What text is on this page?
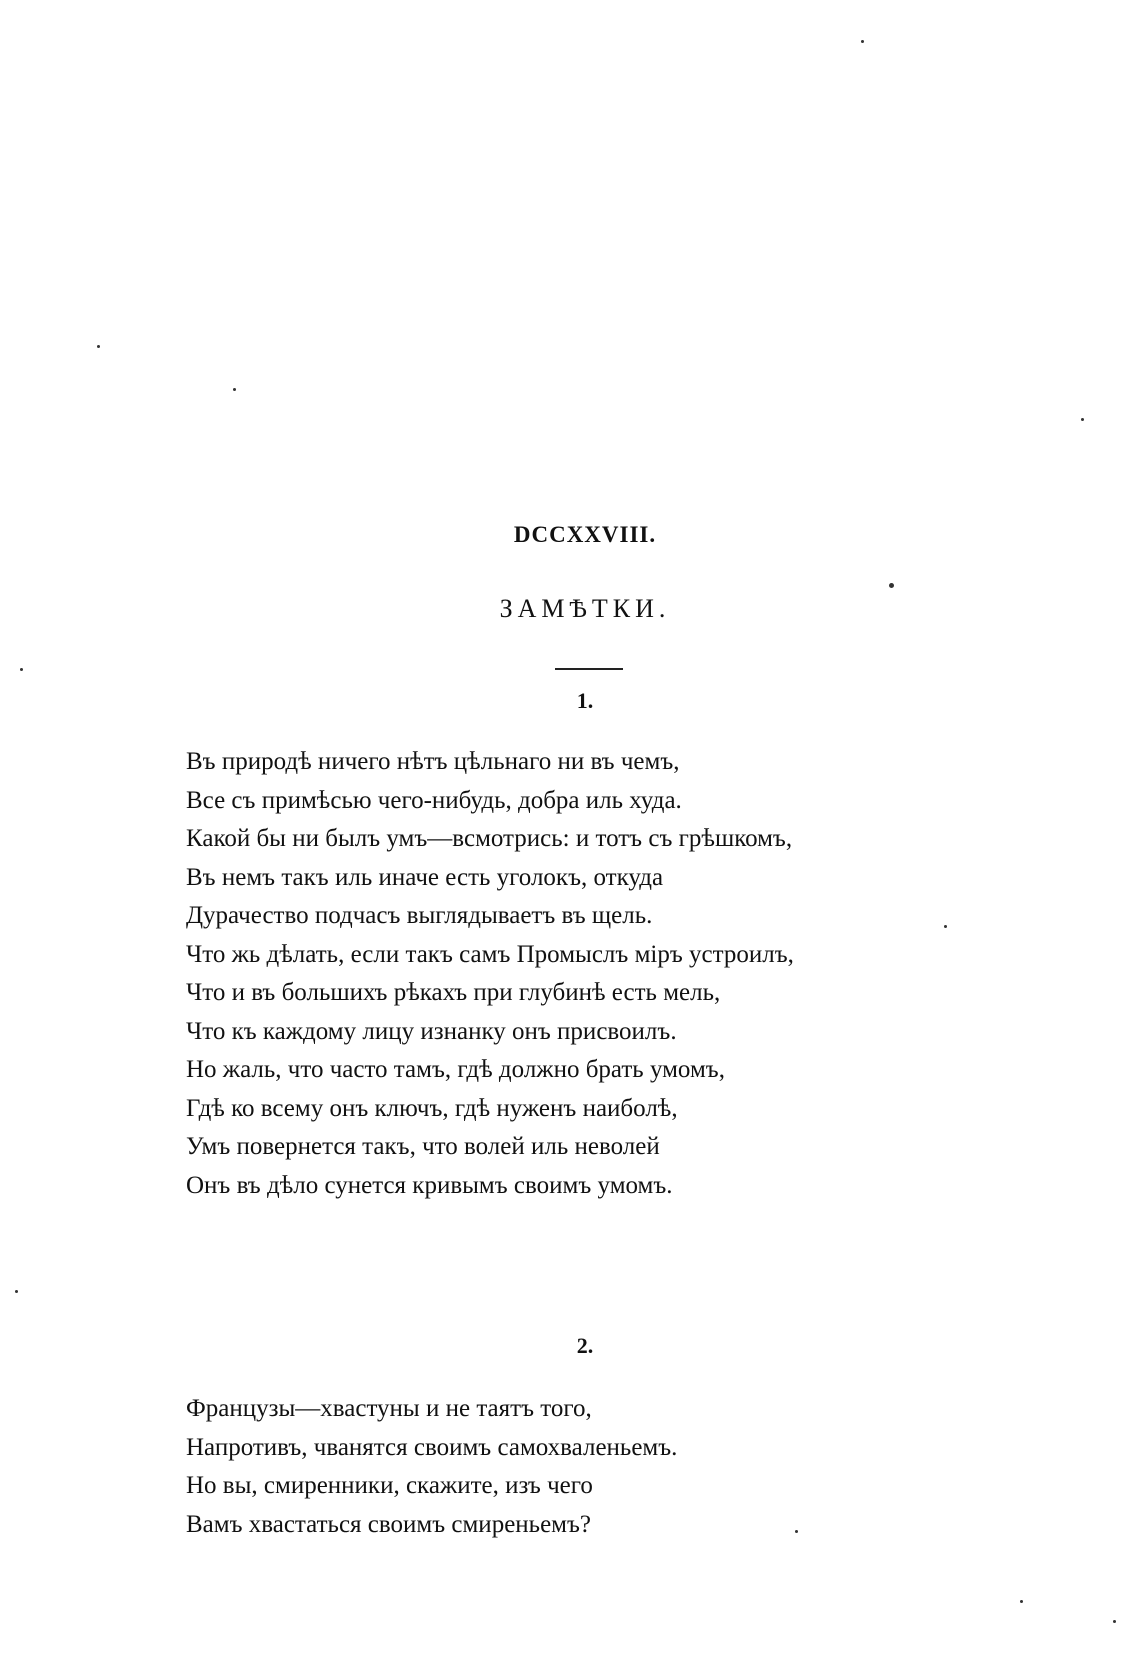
DCCXXVIII.
ЗАМѢТКИ.
1.
Въ природѣ ничего нѣтъ цѣльнаго ни въ чемъ,
Все съ примѣсью чего-нибудь, добра иль худа.
Какой бы ни былъ умъ—всмотрись: и тотъ съ грѣшкомъ,
Въ немъ такъ иль иначе есть уголокъ, откуда
Дурачество подчасъ выглядываетъ въ щель.
Что жь дѣлать, если такъ самъ Промыслъ міръ устроилъ,
Что и въ большихъ рѣкахъ при глубинѣ есть мель,
Что къ каждому лицу изнанку онъ присвоилъ.
Но жаль, что часто тамъ, гдѣ должно брать умомъ,
Гдѣ ко всему онъ ключъ, гдѣ нуженъ наиболѣ,
Умъ повернется такъ, что волей иль неволей
Онъ въ дѣло сунется кривымъ своимъ умомъ.
2.
Французы—хвастуны и не таятъ того,
Напротивъ, чванятся своимъ самохваленьемъ.
Но вы, смиренники, скажите, изъ чего
Вамъ хвастаться своимъ смиреньемъ?
